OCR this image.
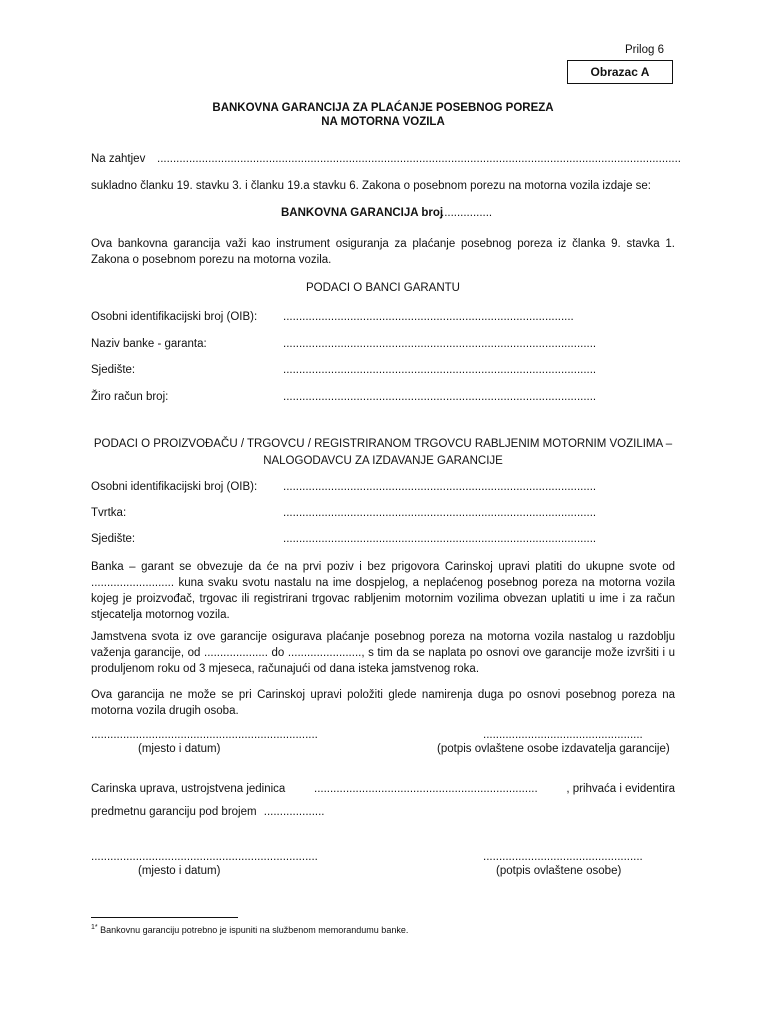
Prilog 6
Obrazac A
BANKOVNA GARANCIJA ZA PLAĆANJE POSEBNOG POREZA
NA MOTORNA VOZILA
Na zahtjev ....................................................................................................................................................................
sukladno članku 19. stavku 3. i članku 19.a stavku 6. Zakona o posebnom porezu na motorna vozila izdaje se:
BANKOVNA GARANCIJA broj
................
Ova bankovna garancija važi kao instrument osiguranja za plaćanje posebnog poreza iz članka 9. stavka 1. Zakona o posebnom porezu na motorna vozila.
PODACI O BANCI GARANTU
Osobni identifikacijski broj (OIB): ...........................................................................................
Naziv banke - garanta:	..................................................................................................
Sjedište:	..................................................................................................
Žiro račun broj:	..................................................................................................
PODACI O PROIZVOĐAČU / TRGOVCU / REGISTRIRANOM TRGOVCU RABLJENIM MOTORNIM VOZILIMA –
NALOGODAVCU ZA IZDAVANJE GARANCIJE
Osobni identifikacijski broj (OIB): ..................................................................................................
Tvrtka:	..................................................................................................
Sjedište:	..................................................................................................
Banka – garant se obvezuje da će na prvi poziv i bez prigovora Carinskoj upravi platiti do ukupne svote od .......................... kuna svaku svotu nastalu na ime dospjelog, a neplaćenog posebnog poreza na motorna vozila kojeg je proizvođač, trgovac ili registrirani trgovac rabljenim motornim vozilima obvezan uplatiti u ime i za račun stjecatelja motornog vozila.
Jamstvena svota iz ove garancije osigurava plaćanje posebnog poreza na motorna vozila nastalog u razdoblju važenja garancije, od .................... do ......................., s tim da se naplata po osnovi ove garancije može izvršiti i u produljenom roku od 3 mjeseca, računajući od dana isteka jamstvenog roka.
Ova garancija ne može se pri Carinskoj upravi položiti glede namirenja duga po osnovi posebnog poreza na motorna vozila drugih osoba.
.......................................................................
(mjesto i datum)
..................................................
(potpis ovlaštene osobe izdavatelja garancije)
Carinska uprava, ustrojstvena jedinica ...................................................................... , prihvaća i evidentira
predmetnu garanciju pod brojem ...................
.......................................................................
(mjesto i datum)
..................................................
(potpis ovlaštene osobe)
$^{1*}$ Bankovnu garanciju potrebno je ispuniti na službenom memorandumu banke.
